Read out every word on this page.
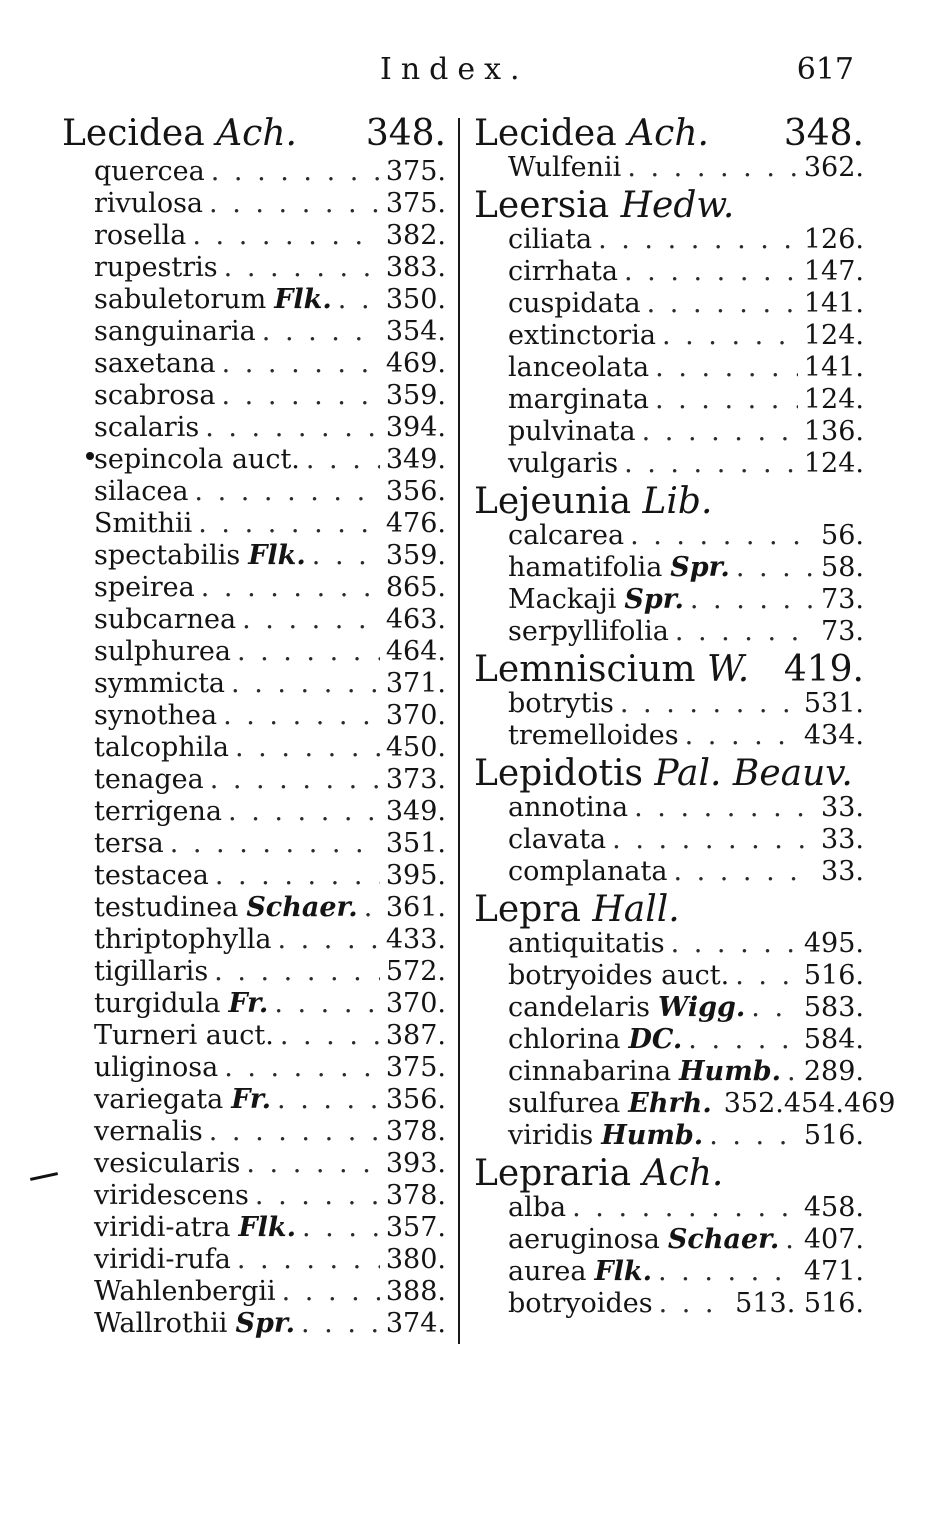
Index.	617
Lecidea Ach. 348.
quercea . . .	375.
rivulosa . . .	375.
rosella . . .	382.
rupestris . . .	383.
sabuletorum Flk. . . . 350.
sanguinaria . . .	354.
saxetana . . .	469.
scabrosa . . .	359.
scalaris . . .	394.
sepincola auct. . . .	349.
silacea . . .	356.
Smithii . . .	476.
spectabilis Flk. . . .	359.
speirea . . .	865.
subcarnea . . .	463.
sulphurea . . .	464.
symmicta . . .	371.
synothea . . .	370.
talcophila . . .	450.
tenagea . . .	373.
terrigena . . .	349.
tersa . . .	351.
testacea . . .	395.
testudinea Schaer. . . . 361.
thriptophylla . . .	433.
tigillaris . . .	572.
turgidula Fr. . . .	370.
Turneri auct. . . .	387.
uliginosa . . .	375.
variegata Fr. . . .	356.
vernalis . . .	378.
vesicularis . . .	393.
viridescens . . .	378.
viridi-atra Flk. . . .	357.
viridi-rufa . . .	380.
Wahlenbergii . . .	388.
Wallrothii Spr. . . .	374.
Lecidea Ach. 348.
Wulfenii . . .	362.
Leersia Hedw.
ciliata . . .	126.
cirrhata . . .	147.
cuspidata . . .	141.
extinctoria . . .	124.
lanceolata . . .	141.
marginata . . .	124.
pulvinata . . .	136.
vulgaris . . .	124.
Lejeunia Lib.
calcarea . . .	56.
hamatifolia Spr. . . .	58.
Mackaji Spr. . . .	73.
serpyllifolia . . .	73.
Lemniscium W. 419.
botrytis . . .	531.
tremelloides . . .	434.
Lepidotis Pal. Beauv.
annotina . . .	33.
clavata . . .	33.
complanata . . .	33.
Lepra Hall.
antiquitatis . . .	495.
botryoides auct. . . .	516.
candelaris Wigg. . . . 583.
chlorina DC. . . .	584.
cinnabarina Humb. . . . 289.
sulfurea Ehrh. 352.454.469
viridis Humb. . . .	516.
Lepraria Ach.
alba . . .	458.
aeruginosa Schaer. . . . 407.
aurea Flk. . . .	471.
botryoides . . .	513. 516.
